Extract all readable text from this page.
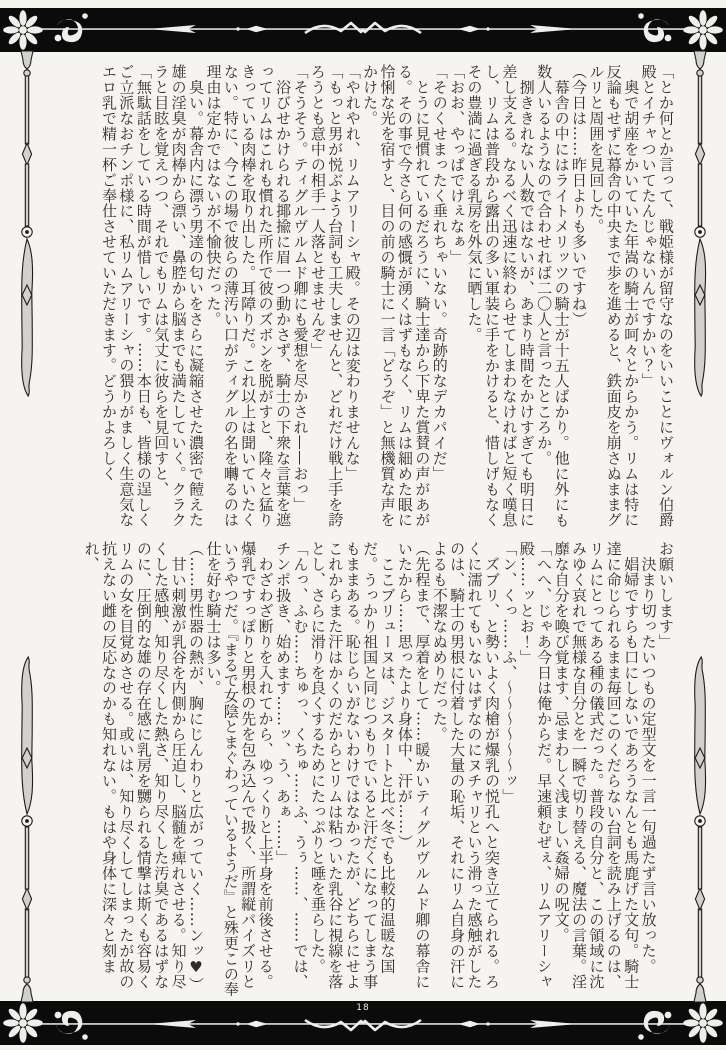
18

「とか何とか言って、戦姫様が留守なのをいいことにヴォルン伯爵殿とイチャついてたんじゃないんですかい？」

　奥で胡座をかいていた年嵩の騎士が呵々とからかう。リムは特に反論もせずに幕舎の中央まで歩を進めると、鉄面皮を崩さぬままグルリと周囲を見回した。

（今日は……昨日よりも多いですね）

　幕舎の中にはライトメリッツの騎士が十五人ばかり。他に外にも数人いるようなので合わせれば二〇人と言ったところか。

　捌ききれない人数ではないが、あまり時間をかけすぎても明日に差し支える。なるべく迅速に終わらせてしまわなければと短く嘆息し、リムは普段から露出の多い軍装に手をかけると、惜しげもなくその豊満に過ぎる乳房を外気に晒した。

「おお、やっぱでけぇなぁ」

「そのくせまったく垂れちゃいない。奇跡的なデカパイだ」

　とうに見慣れているだろうに、騎士達から下卑た賞賛の声があがる。その事で今さら何の感慨が湧くはずもなく、リムは細めた眼に怜悧な光を宿すと、目の前の騎士に一言「どうぞ」と無機質な声をかけた。

「やれやれ、リムアリーシャ殿。その辺は変わりませんな」

「もっと男が悦ぶよう台詞も工夫しませんと、どれだけ戦上手を誇ろうとも意中の相手一人落とせませんぞ」

「そうそう。ティグルヴルムド卿にも愛想を尽かされ——おっ」

　浴びせかけられる揶揄に眉一つ動かさず、騎士の下衆な言葉を遮ってリムはこれも慣れた所作で彼のズボンを脱がすと、隆々と猛りきっている肉棒を取り出した。耳障りだ。これ以上は聞いていたくない。特に、今この場で彼らの薄汚い口がティグルの名を囀るのは理由は定かではないが不愉快だった。

　臭い。幕舎内に漂う男達の匂いをさらに凝縮させた濃密で饐えた雄の淫臭が肉棒から漂い、鼻腔から脳までも満たしていく。クラクラと目眩を覚えつつ、それでもリムは気丈に彼らを見回すと、

「無駄話をしている時間が惜しいです。……本日も、皆様の逞しくご立派なおチンポ様に、私リムアリーシャの猥りがましく生意気なエロ乳で精一杯ご奉仕させていただきます。どうかよろしく

お願いします」

　決まり切ったいつもの定型文を一言一句過たず言い放った。

　娼婦ですらも口にしないであろうなんとも馬鹿げた文句。騎士達に命じられるまま毎回このくだらない台詞を読み上げるのは、リムにとってある種の儀式だった。普段の自分と、この領域に沈みゆく哀れで無様な自分とを一瞬で切り替える、魔法の言葉。淫靡な自分を喚び覚ます、忌まわしく浅ましい姦婦の呪文。

「へへ、じゃあ今日は俺からだ。早速頼むぜぇ、リムアリーシャ殿……ッとお！」

「ン、くっ……ふ、〜〜〜〜〜〜ッ」

　ズブリ、と勢いよく肉槍が爆乳の悦孔へと突き立てられる。ろくに濡れてもいないはずなのにヌチャリという滑った感触がしたのは、騎士の男根に付着した大量の恥垢、それにリム自身の汗によるも不潔なぬめりだった。

（先程まで、厚着をして……暖かいティグルヴルムド卿の幕舎にいたから……思ったより身体中、汗が……）

　ここブリューヌは、ジスタートと比べ冬でも比較的温暖な国だ。うっかり祖国と同じつもりでいると汗だくになってしまう事もままある。恥じらいがないわけではなかったが、どちらにせよこれからまた汗はかくのだからとリムは粘ついた乳谷に視線を落とし、さらに滑りを良くするためにたっぷりと唾を垂らした。

「んっ、ふむ……ちゅっ、くちゅ……ふ、うぅ……、……では、チンポ扱き、始めます……ッ、う、あぁ……」

　わざわざ断りを入れてから、ゆっくりと上半身を前後させる。爆乳ですっぽりと男根の先を包み込んで扱く、所謂縦パイズリというやつだ。『まるで女陰とまぐわっているようだ』と殊更この奉仕を好む騎士は多い。

（……男性器の熱が、胸にじんわりと広がっていく……ンッ♥）

　甘い刺激が乳谷を内側から圧迫し、脳髄を痺れさせる。知り尽くした感触、知り尽くした熱さ、知り尽くした汚臭であるはずなのに、圧倒的な雄の存在感に乳房を嬲られる情撃は斯くも容易くリムの女を目覚めさせる。或いは、知り尽くしてしまったが故の抗えない雌の反応なのかも知れない。もはや身体に深々と刻まれ、
